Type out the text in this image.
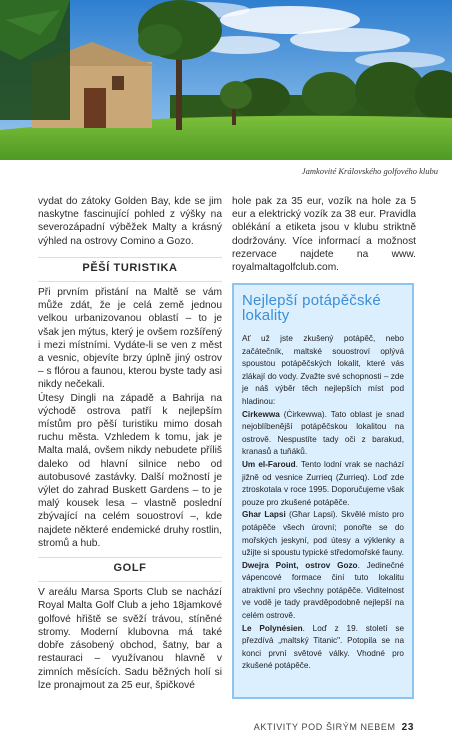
Jamkovité Královského golfového klubu

vydat do zátoky Golden Bay, kde se jim naskytne fascinující pohled z výšky na severozápadní výběžek Malty a krásný výhled na ostrovy Comino a Gozo.

PĚŠÍ TURISTIKA

Při prvním přistání na Maltě se vám může zdát, že je celá země jednou velkou urbanizovanou oblastí – to je však jen mýtus, který je ovšem rozšířený i mezi místními. Vydáte-li se ven z měst a vesnic, objevíte brzy úplně jiný ostrov – s flórou a faunou, kterou byste tady asi nikdy nečekali.

Útesy Dingli na západě a Bahrija na východě ostrova patří k nejlepším místům pro pěší turistiku mimo dosah ruchu města. Vzhledem k tomu, jak je Malta malá, ovšem nikdy nebudete příliš daleko od hlavní silnice nebo od autobusové zastávky. Další možností je výlet do zahrad Buskett Gardens – to je malý kousek lesa – vlastně poslední zbývající na celém souostroví –, kde najdete některé endemické druhy rostlin, stromů a hub.

GOLF

V areálu Marsa Sports Club se nachází Royal Malta Golf Club a jeho 18jamkové golfové hřiště se svěží trávou, stíněné stromy. Moderní klubovna má také dobře zásobený obchod, šatny, bar a restauraci – využívanou hlavně v zimních měsících. Sadu běžných holí si lze pronajmout za 25 eur, špičkové

hole pak za 35 eur, vozík na hole za 5 eur a elektrický vozík za 38 eur. Pravidla oblékání a etiketa jsou v klubu striktně dodržovány. Více informací a možnost rezervace najdete na www. royalmaltagolfclub.com.

Nejlepší potápěčské lokality

Ať už jste zkušený potápěč, nebo začátečník, maltské souostroví oplývá spoustou potápěčských lokalit, které vás zlákají do vody. Zvažte své schopnosti – zde je náš výběr těch nejlepších míst pod hladinou:
Cirkewwa (Ċirkewwa). Tato oblast je snad nejoblíbenější potápěčskou lokalitou na ostrově. Nespustíte tady oči z barakud, kranasů a tuňáků.
Um el-Faroud. Tento lodní vrak se nachází jižně od vesnice Zurrieq (Żurrieq). Loď zde ztroskotala v roce 1995. Doporučujeme však pouze pro zkušené potápěče.
Ghar Lapsi (Għar Lapsi). Skvělé místo pro potápěče všech úrovní; ponořte se do mořských jeskyní, pod útesy a výklenky a užijte si spoustu typické středomořské fauny.
Dwejra Point, ostrov Gozo. Jedinečné vápencové formace činí tuto lokalitu atraktivní pro všechny potápěče. Viditelnost ve vodě je tady pravděpodobně nejlepší na celém ostrově.
Le Polynésien. Loď z 19. století se přezdívá „maltský Titanic". Potopila se na konci první světové války. Vhodné pro zkušené potápěče.

AKTIVITY POD ŠIRÝM NEBEM 23
